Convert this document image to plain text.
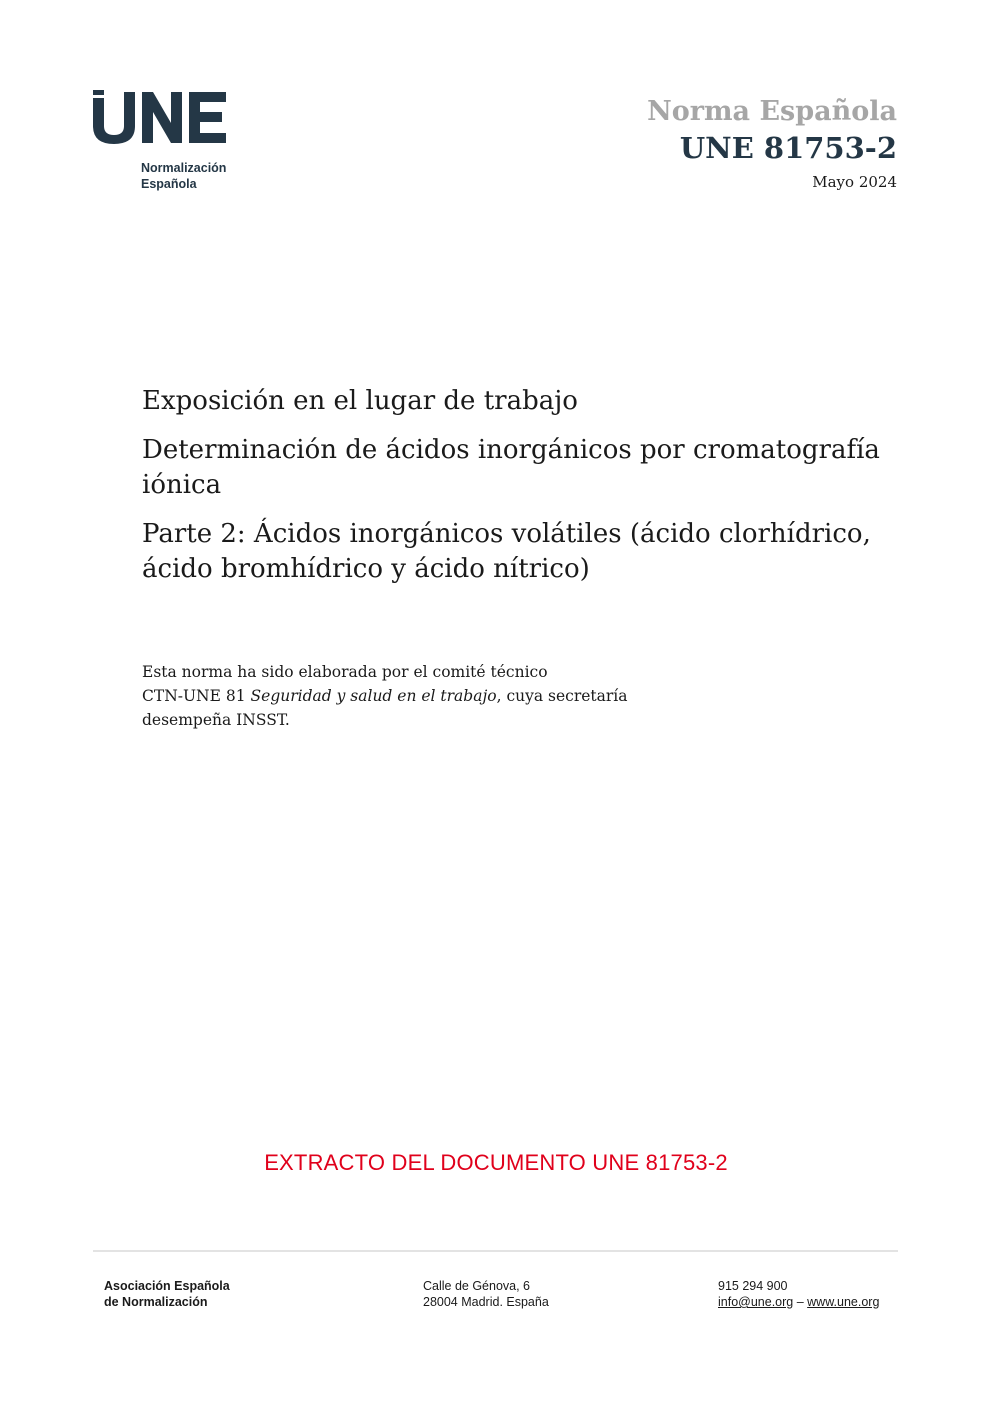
Normalización
Española
Norma Española
UNE 81753-2
Mayo 2024
Exposición en el lugar de trabajo
Determinación de ácidos inorgánicos por cromatografía iónica
Parte 2: Ácidos inorgánicos volátiles (ácido clorhídrico, ácido bromhídrico y ácido nítrico)
Esta norma ha sido elaborada por el comité técnico
CTN-UNE 81 Seguridad y salud en el trabajo, cuya secretaría
desempeña INSST.
EXTRACTO DEL DOCUMENTO UNE 81753-2
Asociación Española
de Normalización
Calle de Génova, 6
28004 Madrid. España
915 294 900
info@une.org – www.une.org
